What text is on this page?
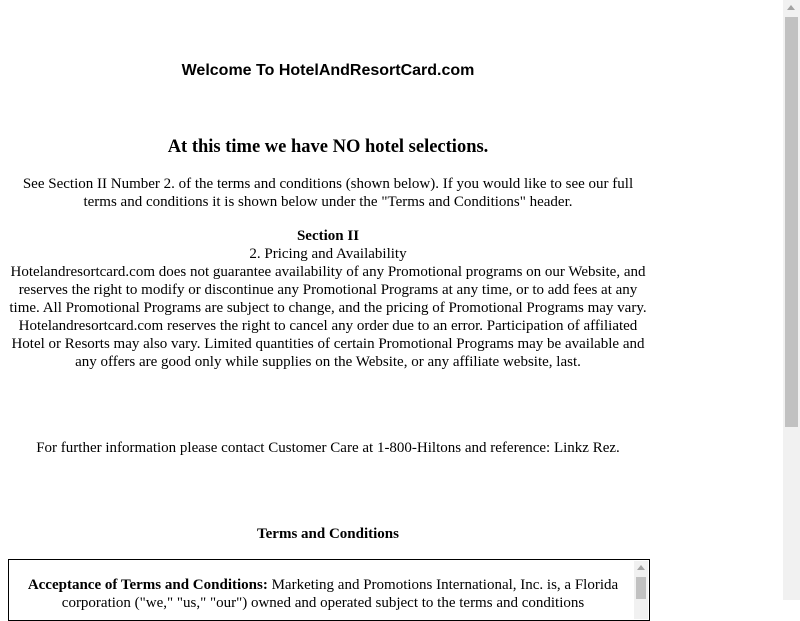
Welcome To HotelAndResortCard.com
At this time we have NO hotel selections.
See Section II Number 2. of the terms and conditions (shown below). If you would like to see our full terms and conditions it is shown below under the "Terms and Conditions" header.
Section II
2. Pricing and Availability
Hotelandresortcard.com does not guarantee availability of any Promotional programs on our Website, and reserves the right to modify or discontinue any Promotional Programs at any time, or to add fees at any time. All Promotional Programs are subject to change, and the pricing of Promotional Programs may vary. Hotelandresortcard.com reserves the right to cancel any order due to an error. Participation of affiliated Hotel or Resorts may also vary. Limited quantities of certain Promotional Programs may be available and any offers are good only while supplies on the Website, or any affiliate website, last.
For further information please contact Customer Care at 1-800-Hiltons and reference: Linkz Rez.
Terms and Conditions
Acceptance of Terms and Conditions: Marketing and Promotions International, Inc. is, a Florida corporation ("we," "us," "our") owned and operated subject to the terms and conditions
